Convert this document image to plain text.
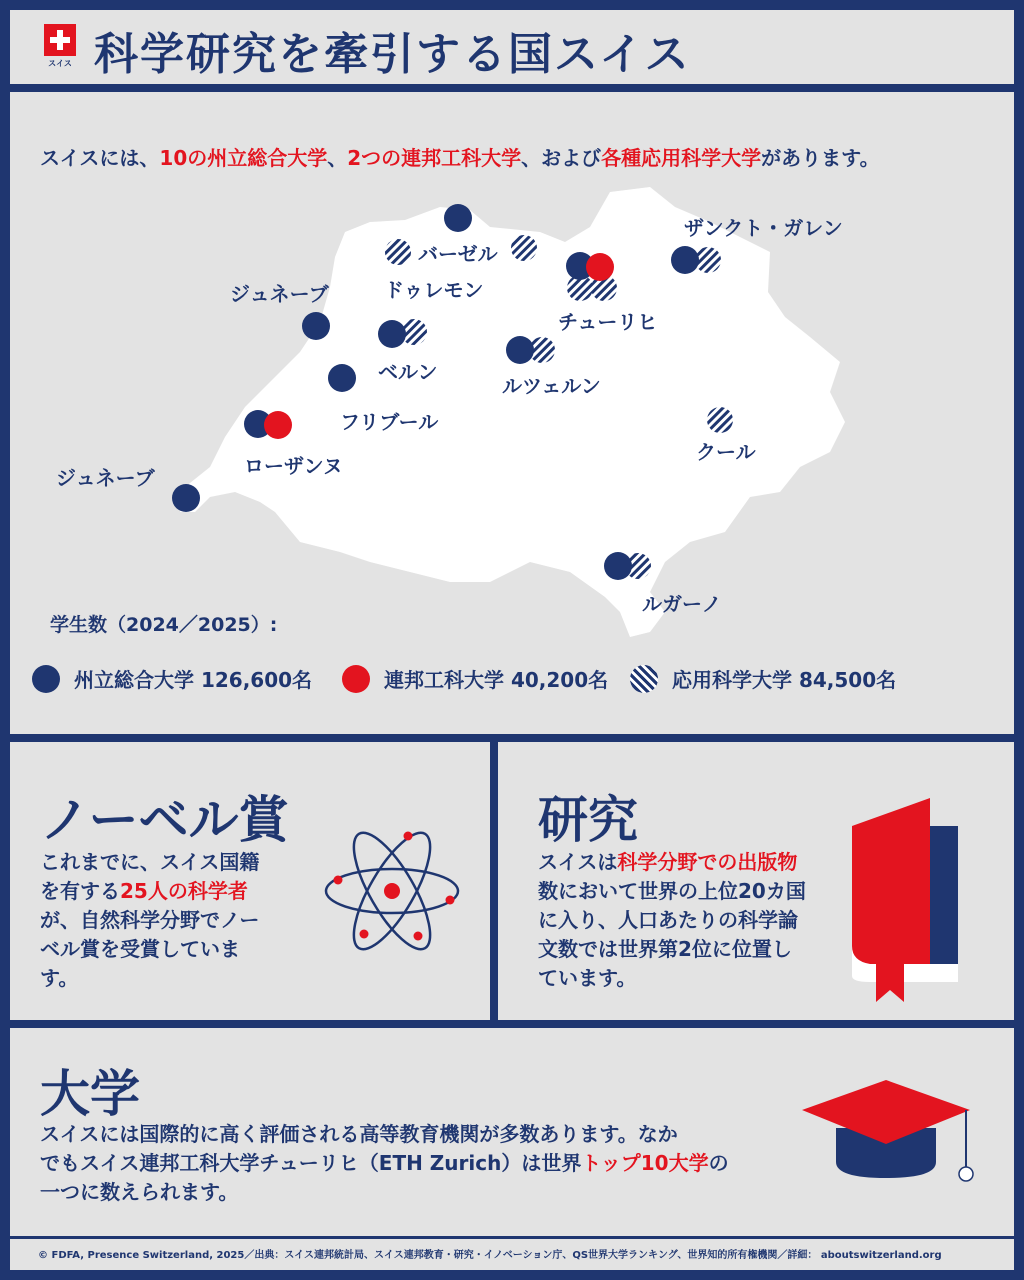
スイス 科学研究を牽引する国スイス
スイスには、10の州立総合大学、2つの連邦工科大学、および各種応用科学大学があります。
バーゼル
ドゥレモン
ザンクト・ガレン
ジュネーブ
チューリヒ
ベルン
ルツェルン
フリブール
ローザンヌ
ジュネーブ
クール
ルガーノ
学生数（2024／2025）:
州立総合大学 126,600名	連邦工科大学 40,200名	応用科学大学 84,500名
ノーベル賞
これまでに、スイス国籍
を有する25人の科学者
が、自然科学分野でノー
ベル賞を受賞していま
す。
研究
スイスは科学分野での出版物
数において世界の上位20カ国
に入り、人口あたりの科学論
文数では世界第2位に位置し
ています。
大学
スイスには国際的に高く評価される高等教育機関が多数あります。なか
でもスイス連邦工科大学チューリヒ（ETH Zurich）は世界トップ10大学の
一つに数えられます。
© FDFA, Presence Switzerland, 2025／出典：スイス連邦統計局、スイス連邦教育・研究・イノベーション庁、QS世界大学ランキング、世界知的所有権機関／詳細： aboutswitzerland.org
